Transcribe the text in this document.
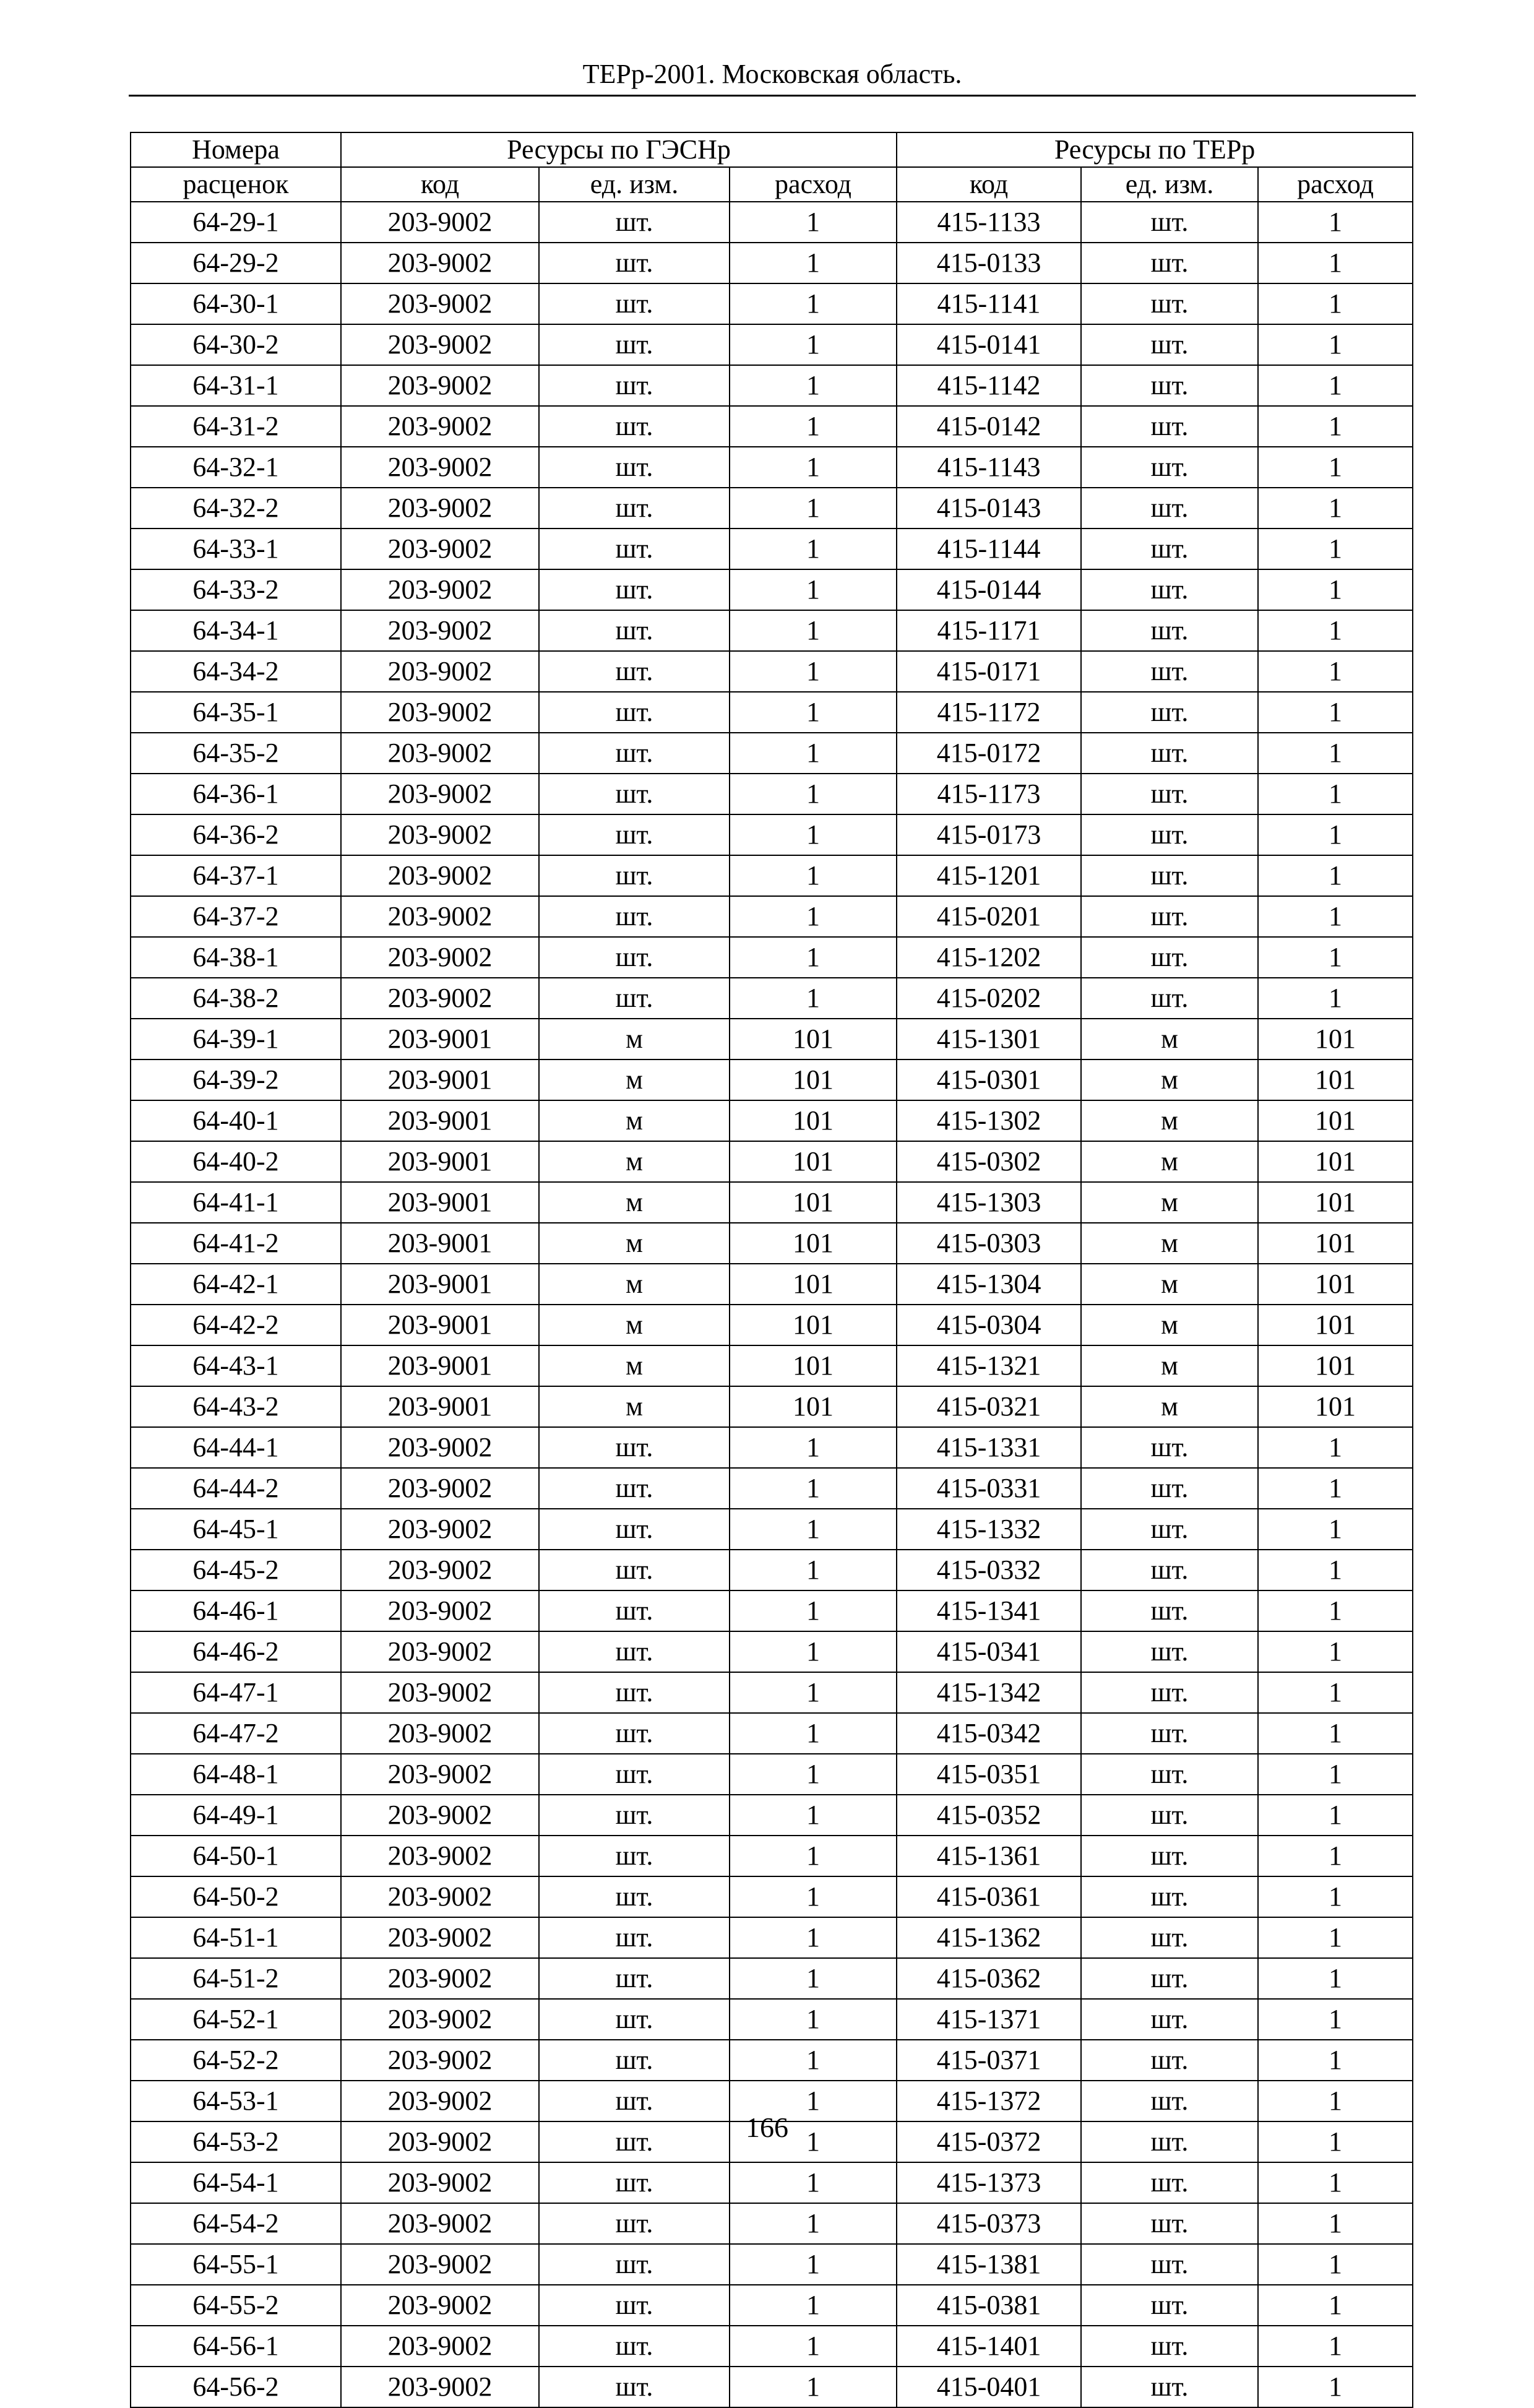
ТЕРр-2001. Московская область.
Номера	Ресурсы по ГЭСНр			Ресурсы по ТЕРр		
расценок	код	ед. изм.	расход	код	ед. изм.	расход
64-29-1	203-9002	шт.	1	415-1133	шт.	1
64-29-2	203-9002	шт.	1	415-0133	шт.	1
64-30-1	203-9002	шт.	1	415-1141	шт.	1
64-30-2	203-9002	шт.	1	415-0141	шт.	1
64-31-1	203-9002	шт.	1	415-1142	шт.	1
64-31-2	203-9002	шт.	1	415-0142	шт.	1
64-32-1	203-9002	шт.	1	415-1143	шт.	1
64-32-2	203-9002	шт.	1	415-0143	шт.	1
64-33-1	203-9002	шт.	1	415-1144	шт.	1
64-33-2	203-9002	шт.	1	415-0144	шт.	1
64-34-1	203-9002	шт.	1	415-1171	шт.	1
64-34-2	203-9002	шт.	1	415-0171	шт.	1
64-35-1	203-9002	шт.	1	415-1172	шт.	1
64-35-2	203-9002	шт.	1	415-0172	шт.	1
64-36-1	203-9002	шт.	1	415-1173	шт.	1
64-36-2	203-9002	шт.	1	415-0173	шт.	1
64-37-1	203-9002	шт.	1	415-1201	шт.	1
64-37-2	203-9002	шт.	1	415-0201	шт.	1
64-38-1	203-9002	шт.	1	415-1202	шт.	1
64-38-2	203-9002	шт.	1	415-0202	шт.	1
64-39-1	203-9001	м	101	415-1301	м	101
64-39-2	203-9001	м	101	415-0301	м	101
64-40-1	203-9001	м	101	415-1302	м	101
64-40-2	203-9001	м	101	415-0302	м	101
64-41-1	203-9001	м	101	415-1303	м	101
64-41-2	203-9001	м	101	415-0303	м	101
64-42-1	203-9001	м	101	415-1304	м	101
64-42-2	203-9001	м	101	415-0304	м	101
64-43-1	203-9001	м	101	415-1321	м	101
64-43-2	203-9001	м	101	415-0321	м	101
64-44-1	203-9002	шт.	1	415-1331	шт.	1
64-44-2	203-9002	шт.	1	415-0331	шт.	1
64-45-1	203-9002	шт.	1	415-1332	шт.	1
64-45-2	203-9002	шт.	1	415-0332	шт.	1
64-46-1	203-9002	шт.	1	415-1341	шт.	1
64-46-2	203-9002	шт.	1	415-0341	шт.	1
64-47-1	203-9002	шт.	1	415-1342	шт.	1
64-47-2	203-9002	шт.	1	415-0342	шт.	1
64-48-1	203-9002	шт.	1	415-0351	шт.	1
64-49-1	203-9002	шт.	1	415-0352	шт.	1
64-50-1	203-9002	шт.	1	415-1361	шт.	1
64-50-2	203-9002	шт.	1	415-0361	шт.	1
64-51-1	203-9002	шт.	1	415-1362	шт.	1
64-51-2	203-9002	шт.	1	415-0362	шт.	1
64-52-1	203-9002	шт.	1	415-1371	шт.	1
64-52-2	203-9002	шт.	1	415-0371	шт.	1
64-53-1	203-9002	шт.	1	415-1372	шт.	1
64-53-2	203-9002	шт.	1	415-0372	шт.	1
64-54-1	203-9002	шт.	1	415-1373	шт.	1
64-54-2	203-9002	шт.	1	415-0373	шт.	1
64-55-1	203-9002	шт.	1	415-1381	шт.	1
64-55-2	203-9002	шт.	1	415-0381	шт.	1
64-56-1	203-9002	шт.	1	415-1401	шт.	1
64-56-2	203-9002	шт.	1	415-0401	шт.	1
166
